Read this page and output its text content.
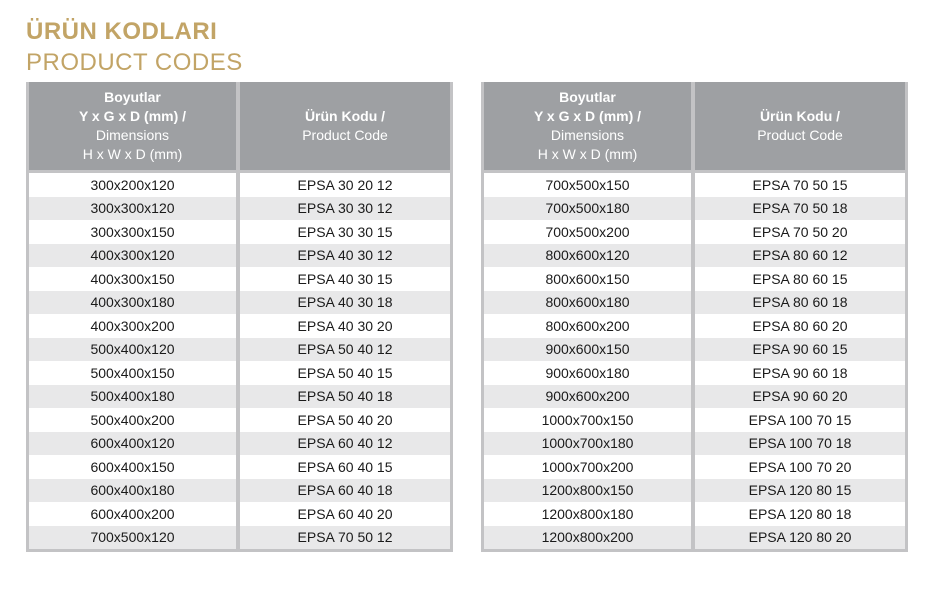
ÜRÜN KODLARI
PRODUCT CODES
Boyutlar
Y x G x D (mm) /
Dimensions
H x W x D (mm)
Ürün Kodu /
Product Code
300x200x120	EPSA 30 20 12
300x300x120	EPSA 30 30 12
300x300x150	EPSA 30 30 15
400x300x120	EPSA 40 30 12
400x300x150	EPSA 40 30 15
400x300x180	EPSA 40 30 18
400x300x200	EPSA 40 30 20
500x400x120	EPSA 50 40 12
500x400x150	EPSA 50 40 15
500x400x180	EPSA 50 40 18
500x400x200	EPSA 50 40 20
600x400x120	EPSA 60 40 12
600x400x150	EPSA 60 40 15
600x400x180	EPSA 60 40 18
600x400x200	EPSA 60 40 20
700x500x120	EPSA 70 50 12
Boyutlar
Y x G x D (mm) /
Dimensions
H x W x D (mm)
Ürün Kodu /
Product Code
700x500x150	EPSA 70 50 15
700x500x180	EPSA 70 50 18
700x500x200	EPSA 70 50 20
800x600x120	EPSA 80 60 12
800x600x150	EPSA 80 60 15
800x600x180	EPSA 80 60 18
800x600x200	EPSA 80 60 20
900x600x150	EPSA 90 60 15
900x600x180	EPSA 90 60 18
900x600x200	EPSA 90 60 20
1000x700x150	EPSA 100 70 15
1000x700x180	EPSA 100 70 18
1000x700x200	EPSA 100 70 20
1200x800x150	EPSA 120 80 15
1200x800x180	EPSA 120 80 18
1200x800x200	EPSA 120 80 20
